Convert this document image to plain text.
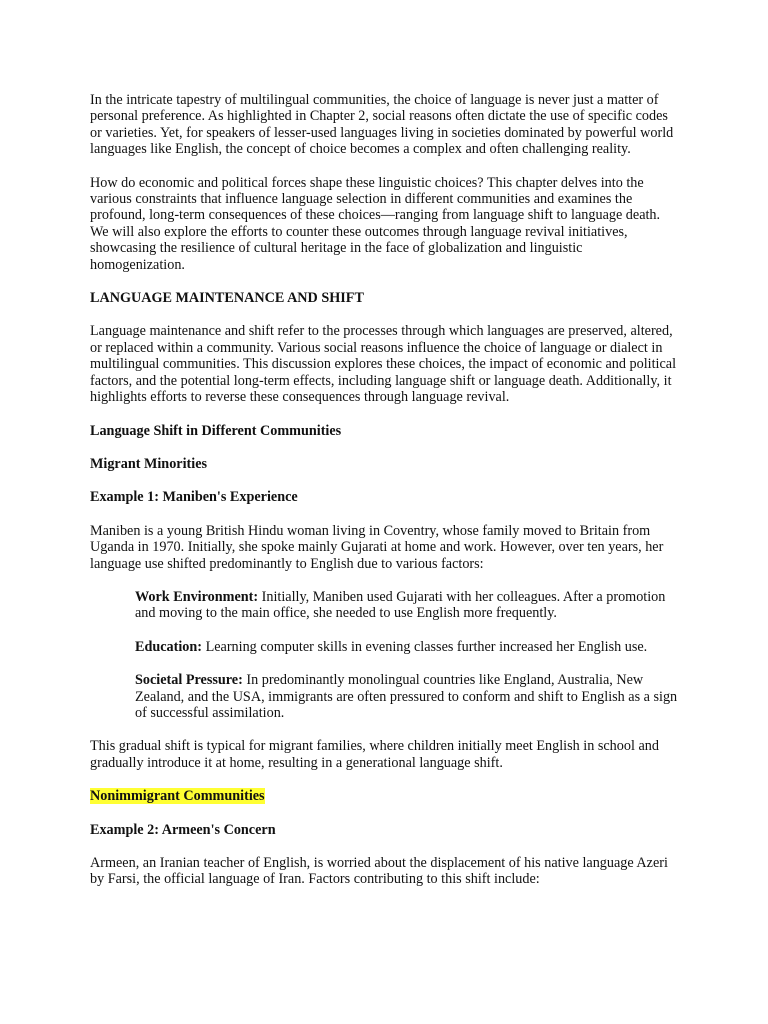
In the intricate tapestry of multilingual communities, the choice of language is never just a matter of personal preference. As highlighted in Chapter 2, social reasons often dictate the use of specific codes or varieties. Yet, for speakers of lesser-used languages living in societies dominated by powerful world languages like English, the concept of choice becomes a complex and often challenging reality.

How do economic and political forces shape these linguistic choices? This chapter delves into the various constraints that influence language selection in different communities and examines the profound, long-term consequences of these choices—ranging from language shift to language death. We will also explore the efforts to counter these outcomes through language revival initiatives, showcasing the resilience of cultural heritage in the face of globalization and linguistic homogenization.

LANGUAGE MAINTENANCE AND SHIFT

Language maintenance and shift refer to the processes through which languages are preserved, altered, or replaced within a community. Various social reasons influence the choice of language or dialect in multilingual communities. This discussion explores these choices, the impact of economic and political factors, and the potential long-term effects, including language shift or language death. Additionally, it highlights efforts to reverse these consequences through language revival.

Language Shift in Different Communities

Migrant Minorities

Example 1: Maniben's Experience

Maniben is a young British Hindu woman living in Coventry, whose family moved to Britain from Uganda in 1970. Initially, she spoke mainly Gujarati at home and work. However, over ten years, her language use shifted predominantly to English due to various factors:

Work Environment: Initially, Maniben used Gujarati with her colleagues. After a promotion and moving to the main office, she needed to use English more frequently.

Education: Learning computer skills in evening classes further increased her English use.

Societal Pressure: In predominantly monolingual countries like England, Australia, New Zealand, and the USA, immigrants are often pressured to conform and shift to English as a sign of successful assimilation.

This gradual shift is typical for migrant families, where children initially meet English in school and gradually introduce it at home, resulting in a generational language shift.

Nonimmigrant Communities

Example 2: Armeen's Concern

Armeen, an Iranian teacher of English, is worried about the displacement of his native language Azeri by Farsi, the official language of Iran. Factors contributing to this shift include:
